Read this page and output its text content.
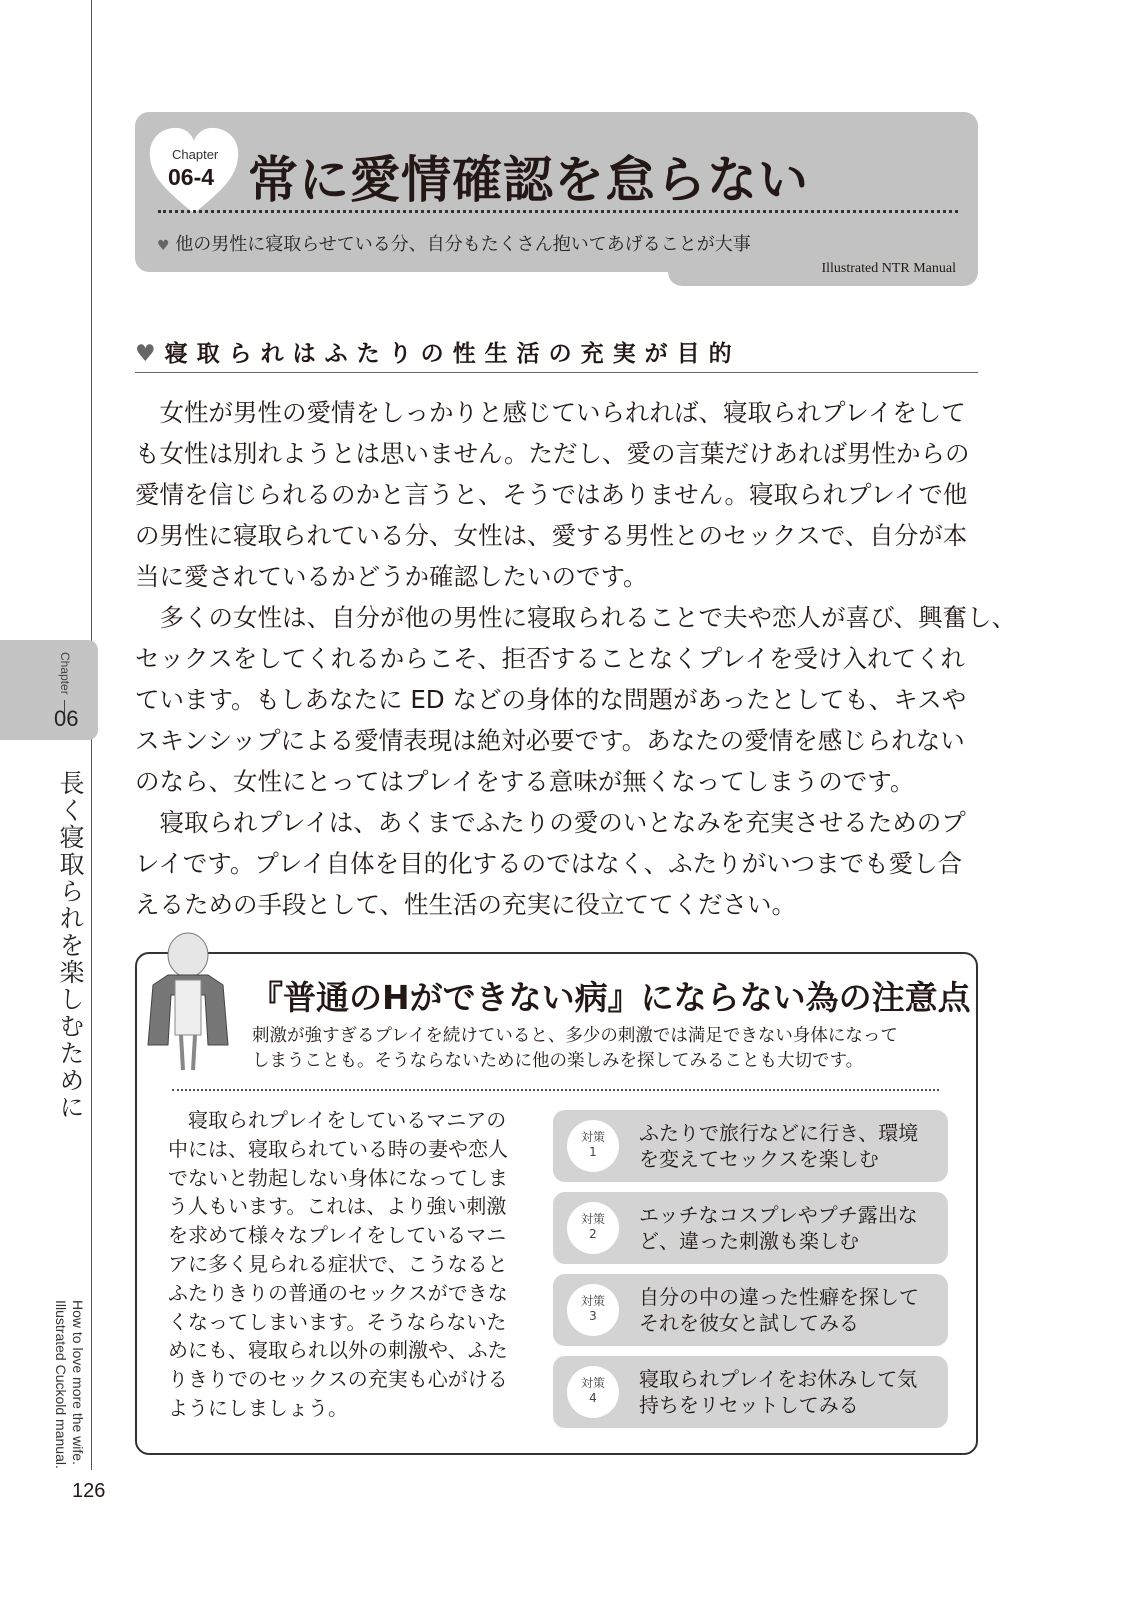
Chapter
06
長く寝取られを楽しむために
How to love more the wife.
Illustrated Cuckold manual.
126
Chapter
06-4 常に愛情確認を怠らない
♥ 他の男性に寝取らせている分、自分もたくさん抱いてあげることが大事
Illustrated NTR Manual
♥寝取られはふたりの性生活の充実が目的
　女性が男性の愛情をしっかりと感じていられれば、寝取られプレイをして
も女性は別れようとは思いません。ただし、愛の言葉だけあれば男性からの
愛情を信じられるのかと言うと、そうではありません。寝取られプレイで他
の男性に寝取られている分、女性は、愛する男性とのセックスで、自分が本
当に愛されているかどうか確認したいのです。
　多くの女性は、自分が他の男性に寝取られることで夫や恋人が喜び、興奮し、
セックスをしてくれるからこそ、拒否することなくプレイを受け入れてくれ
ています。もしあなたに ED などの身体的な問題があったとしても、キスや
スキンシップによる愛情表現は絶対必要です。あなたの愛情を感じられない
のなら、女性にとってはプレイをする意味が無くなってしまうのです。
　寝取られプレイは、あくまでふたりの愛のいとなみを充実させるためのプ
レイです。プレイ自体を目的化するのではなく、ふたりがいつまでも愛し合
えるための手段として、性生活の充実に役立ててください。
『普通のHができない病』にならない為の注意点
刺激が強すぎるプレイを続けていると、多少の刺激では満足できない身体になって
しまうことも。そうならないために他の楽しみを探してみることも大切です。
　寝取られプレイをしているマニアの
中には、寝取られている時の妻や恋人
でないと勃起しない身体になってしま
う人もいます。これは、より強い刺激
を求めて様々なプレイをしているマニ
アに多く見られる症状で、こうなると
ふたりきりの普通のセックスができな
くなってしまいます。そうならないた
めにも、寝取られ以外の刺激や、ふた
りきりでのセックスの充実も心がける
ようにしましょう。
対策
1
ふたりで旅行などに行き、環境
を変えてセックスを楽しむ
対策
2
エッチなコスプレやプチ露出な
ど、違った刺激も楽しむ
対策
3
自分の中の違った性癖を探して
それを彼女と試してみる
対策
4
寝取られプレイをお休みして気
持ちをリセットしてみる
